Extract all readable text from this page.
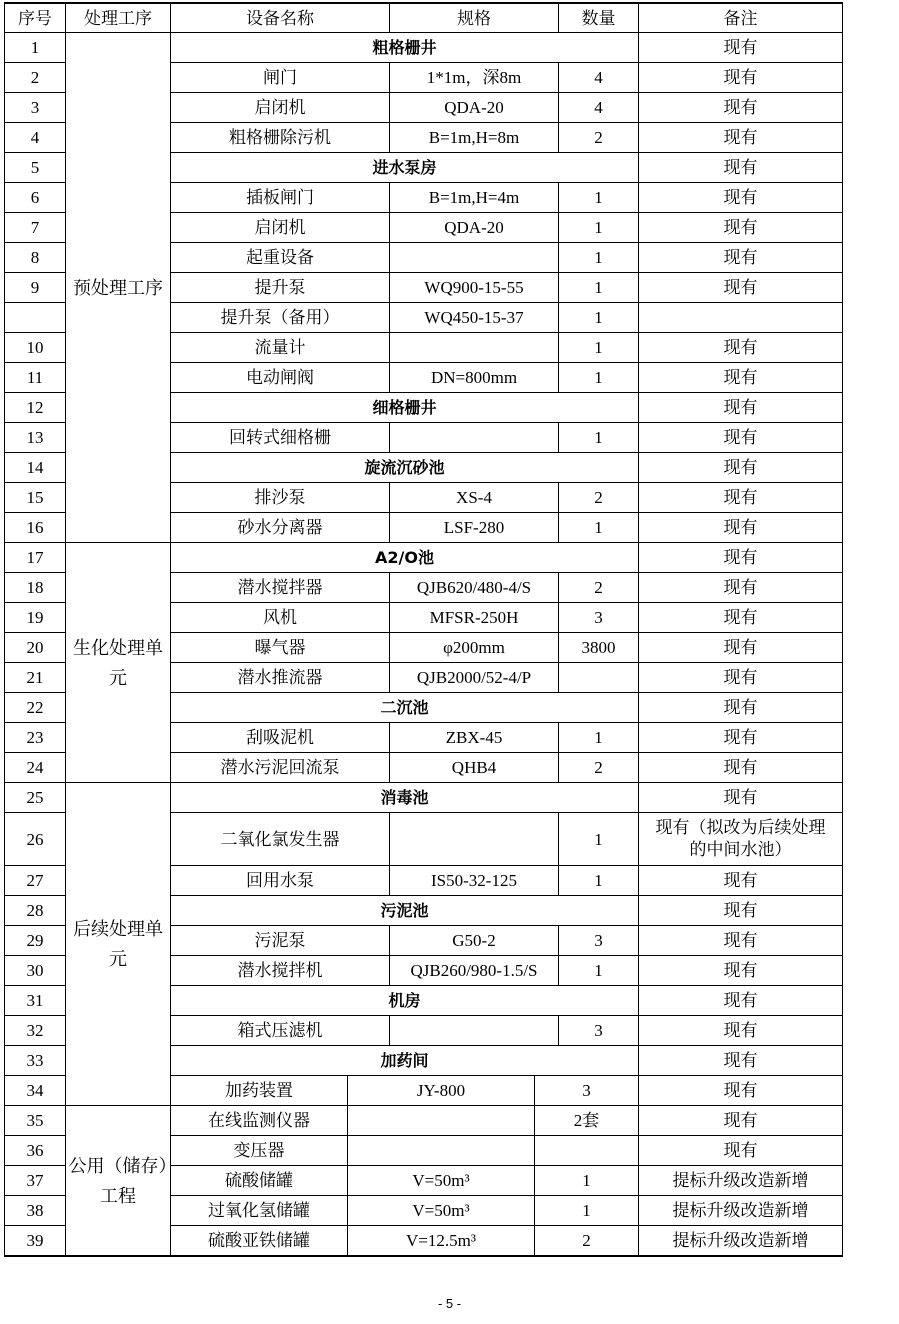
序号	处理工序	设备名称		规格		数量	备注
1	预处理工序	粗格栅井					现有
2		闸门		1*1m，深8m		4	现有
3		启闭机		QDA-20		4	现有
4		粗格栅除污机		B=1m,H=8m		2	现有
5		进水泵房					现有
6		插板闸门		B=1m,H=4m		1	现有
7		启闭机		QDA-20		1	现有
8		起重设备				1	现有
9		提升泵		WQ900-15-55		1	现有
		提升泵（备用）		WQ450-15-37		1	
10		流量计				1	现有
11		电动闸阀		DN=800mm		1	现有
12		细格栅井					现有
13		回转式细格栅				1	现有
14		旋流沉砂池					现有
15		排沙泵		XS-4		2	现有
16		砂水分离器		LSF-280		1	现有
17	生化处理单元	A2/O池					现有
18		潜水搅拌器		QJB620/480-4/S		2	现有
19		风机		MFSR-250H		3	现有
20		曝气器		φ200mm		3800	现有
21		潜水推流器		QJB2000/52-4/P			现有
22		二沉池					现有
23		刮吸泥机		ZBX-45		1	现有
24		潜水污泥回流泵		QHB4		2	现有
25	后续处理单元	消毒池					现有
26		二氧化氯发生器				1	现有（拟改为后续处理的中间水池）
27		回用水泵		IS50-32-125		1	现有
28		污泥池					现有
29		污泥泵		G50-2		3	现有
30		潜水搅拌机		QJB260/980-1.5/S		1	现有
31		机房					现有
32		箱式压滤机				3	现有
33		加药间					现有
34		加药装置	JY-800		3		现有
35	公用（储存）工程	在线监测仪器			2套		现有
36		变压器					现有
37		硫酸储罐	V=50m³		1		提标升级改造新增
38		过氧化氢储罐	V=50m³		1		提标升级改造新增
39		硫酸亚铁储罐	V=12.5m³		2		提标升级改造新增
- 5 -
